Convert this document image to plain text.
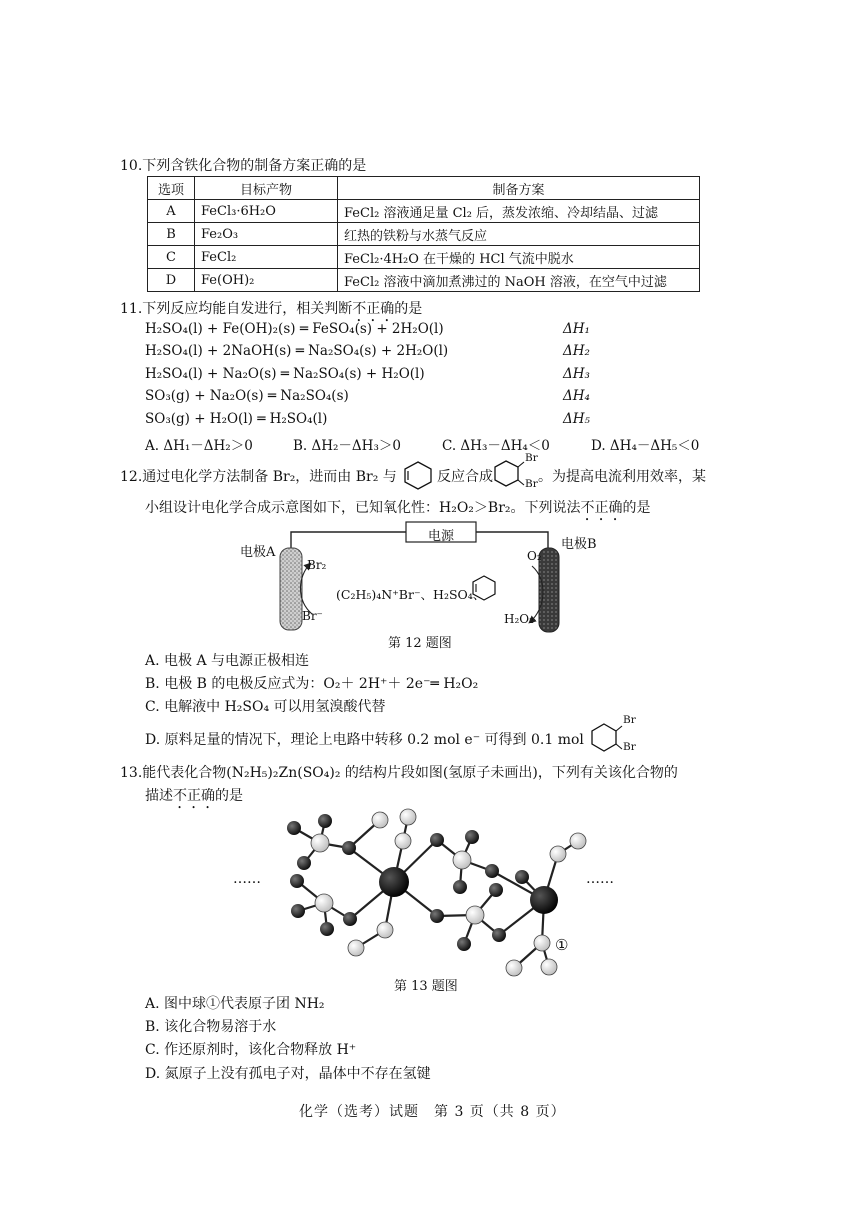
10.下列含铁化合物的制备方案正确的是
选项	目标产物	制备方案
A	FeCl₃·6H₂O	FeCl₂ 溶液通足量 Cl₂ 后，蒸发浓缩、冷却结晶、过滤
B	Fe₂O₃	红热的铁粉与水蒸气反应
C	FeCl₂	FeCl₂·4H₂O 在干燥的 HCl 气流中脱水
D	Fe(OH)₂	FeCl₂ 溶液中滴加煮沸过的 NaOH 溶液，在空气中过滤
11.下列反应均能自发进行，相关判断不正确的是
H₂SO₄(l) + Fe(OH)₂(s) ═ FeSO₄(s) + 2H₂O(l)	ΔH₁
H₂SO₄(l) + 2NaOH(s) ═ Na₂SO₄(s) + 2H₂O(l)	ΔH₂
H₂SO₄(l) + Na₂O(s) ═ Na₂SO₄(s) + H₂O(l)	ΔH₃
SO₃(g) + Na₂O(s) ═ Na₂SO₄(s)	ΔH₄
SO₃(g) + H₂O(l) ═ H₂SO₄(l)	ΔH₅
A. ΔH₁－ΔH₂＞0	B. ΔH₂－ΔH₃＞0	C. ΔH₃－ΔH₄＜0	D. ΔH₄－ΔH₅＜0
12.通过电化学方法制备 Br₂，进而由 Br₂ 与	反应合成
Br
Br 。为提高电流利用效率，某
小组设计电化学合成示意图如下，已知氧化性：H₂O₂＞Br₂。下列说法不正确的是
电源
电极A
电极B
Br₂
Br⁻
O₂
H₂O₂
(C₂H₅)₄N⁺Br⁻、H₂SO₄、
第 12 题图
A. 电极 A 与电源正极相连
B. 电极 B 的电极反应式为：O₂＋ 2H⁺＋ 2e⁻═ H₂O₂
C. 电解液中 H₂SO₄ 可以用氢溴酸代替
D. 原料足量的情况下，理论上电路中转移 0.2 mol e⁻ 可得到 0.1 mol
Br
Br
13.能代表化合物(N₂H₅)₂Zn(SO₄)₂ 的结构片段如图(氢原子未画出)，下列有关该化合物的
描述不正确的是
……	……
①
第 13 题图
A. 图中球①代表原子团 NH₂
B. 该化合物易溶于水
C. 作还原剂时，该化合物释放 H⁺
D. 氮原子上没有孤电子对，晶体中不存在氢键
化学（选考）试题　第 3 页（共 8 页）
